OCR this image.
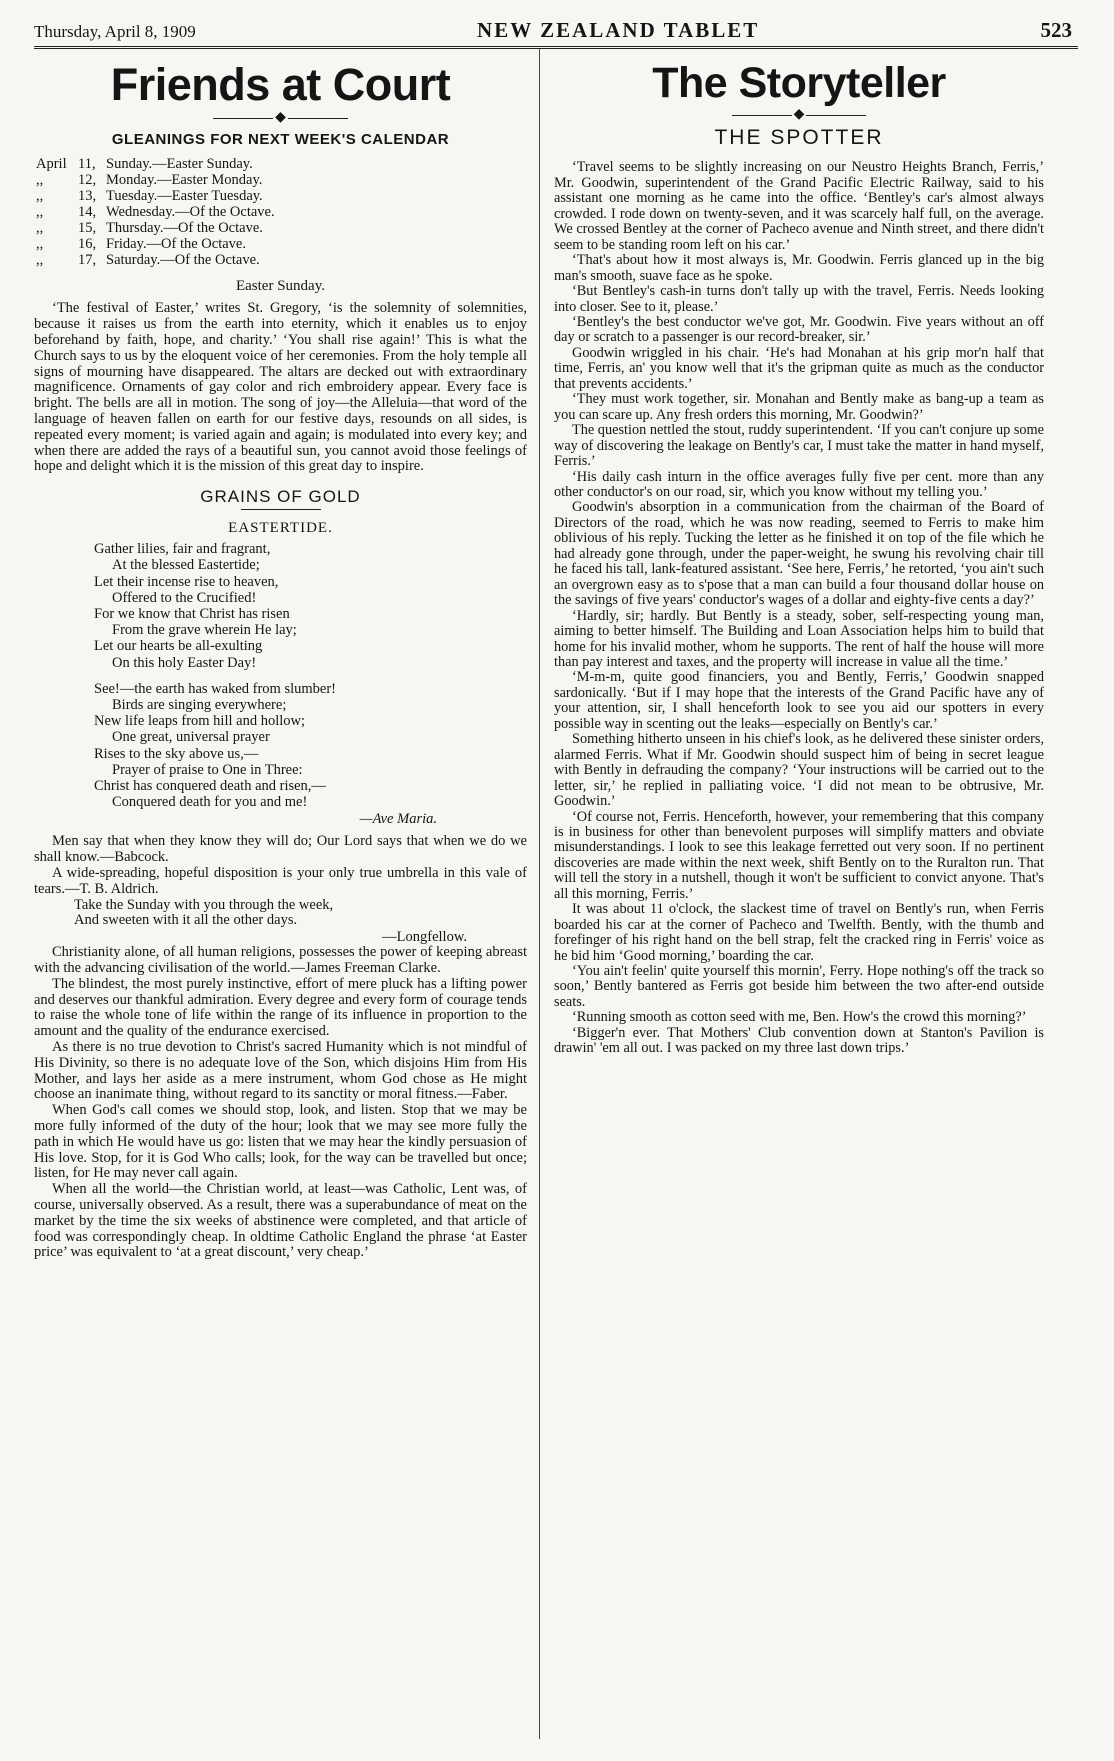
Thursday, April 8, 1909	NEW ZEALAND TABLET	523
Friends at Court
◆
GLEANINGS FOR NEXT WEEK'S CALENDAR
April 11, Sunday.—Easter Sunday.
,,	12, Monday.—Easter Monday.
,,	13, Tuesday.—Easter Tuesday.
,,	14, Wednesday.—Of the Octave.
,,	15, Thursday.—Of the Octave.
,,	16, Friday.—Of the Octave.
,,	17, Saturday.—Of the Octave.
Easter Sunday.

‘The festival of Easter,’ writes St. Gregory, ‘is the solemnity of solemnities, because it raises us from the earth into eternity, which it enables us to enjoy beforehand by faith, hope, and charity.’ ‘You shall rise again!’ This is what the Church says to us by the eloquent voice of her ceremonies. From the holy temple all signs of mourning have disappeared. The altars are decked out with extraordinary magnificence. Ornaments of gay color and rich embroidery appear. Every face is bright. The bells are all in motion. The song of joy—the Alleluia—that word of the language of heaven fallen on earth for our festive days, resounds on all sides, is repeated every moment; is varied again and again; is modulated into every key; and when there are added the rays of a beautiful sun, you cannot avoid those feelings of hope and delight which it is the mission of this great day to inspire.

GRAINS OF GOLD
EASTERTIDE.
Gather lilies, fair and fragrant,
At the blessed Eastertide;
Let their incense rise to heaven,
Offered to the Crucified!
For we know that Christ has risen
From the grave wherein He lay;
Let our hearts be all-exulting
On this holy Easter Day!
See!—the earth has waked from slumber!
Birds are singing everywhere;
New life leaps from hill and hollow;
One great, universal prayer
Rises to the sky above us,—
Prayer of praise to One in Three:
Christ has conquered death and risen,—
Conquered death for you and me!
—Ave Maria.

Men say that when they know they will do; Our Lord says that when we do we shall know.—Babcock.

A wide-spreading, hopeful disposition is your only true umbrella in this vale of tears.—T. B. Aldrich.

Take the Sunday with you through the week,
And sweeten with it all the other days.
—Longfellow.

Christianity alone, of all human religions, possesses the power of keeping abreast with the advancing civilisation of the world.—James Freeman Clarke.

The blindest, the most purely instinctive, effort of mere pluck has a lifting power and deserves our thankful admiration. Every degree and every form of courage tends to raise the whole tone of life within the range of its influence in proportion to the amount and the quality of the endurance exercised.

As there is no true devotion to Christ's sacred Humanity which is not mindful of His Divinity, so there is no adequate love of the Son, which disjoins Him from His Mother, and lays her aside as a mere instrument, whom God chose as He might choose an inanimate thing, without regard to its sanctity or moral fitness.—Faber.

When God's call comes we should stop, look, and listen. Stop that we may be more fully informed of the duty of the hour; look that we may see more fully the path in which He would have us go: listen that we may hear the kindly persuasion of His love. Stop, for it is God Who calls; look, for the way can be travelled but once; listen, for He may never call again.

When all the world—the Christian world, at least—was Catholic, Lent was, of course, universally observed. As a result, there was a superabundance of meat on the market by the time the six weeks of abstinence were completed, and that article of food was correspondingly cheap. In oldtime Catholic England the phrase ‘at Easter price’ was equivalent to ‘at a great discount,’ very cheap.’

The Storyteller
◆
THE SPOTTER

‘Travel seems to be slightly increasing on our Neustro Heights Branch, Ferris,’ Mr. Goodwin, superintendent of the Grand Pacific Electric Railway, said to his assistant one morning as he came into the office. ‘Bentley's car's almost always crowded. I rode down on twenty-seven, and it was scarcely half full, on the average. We crossed Bentley at the corner of Pacheco avenue and Ninth street, and there didn't seem to be standing room left on his car.’

‘That's about how it most always is, Mr. Goodwin. Ferris glanced up in the big man's smooth, suave face as he spoke.

‘But Bentley's cash-in turns don't tally up with the travel, Ferris. Needs looking into closer. See to it, please.’

‘Bentley's the best conductor we've got, Mr. Goodwin. Five years without an off day or scratch to a passenger is our record-breaker, sir.’

Goodwin wriggled in his chair. ‘He's had Monahan at his grip mor'n half that time, Ferris, an' you know well that it's the gripman quite as much as the conductor that prevents accidents.’

‘They must work together, sir. Monahan and Bently make as bang-up a team as you can scare up. Any fresh orders this morning, Mr. Goodwin?’

The question nettled the stout, ruddy superintendent. ‘If you can't conjure up some way of discovering the leakage on Bently's car, I must take the matter in hand myself, Ferris.’

‘His daily cash inturn in the office averages fully five per cent. more than any other conductor's on our road, sir, which you know without my telling you.’

Goodwin's absorption in a communication from the chairman of the Board of Directors of the road, which he was now reading, seemed to Ferris to make him oblivious of his reply. Tucking the letter as he finished it on top of the file which he had already gone through, under the paper-weight, he swung his revolving chair till he faced his tall, lank-featured assistant. ‘See here, Ferris,’ he retorted, ‘you ain't such an overgrown easy as to s'pose that a man can build a four thousand dollar house on the savings of five years' conductor's wages of a dollar and eighty-five cents a day?’

‘Hardly, sir; hardly. But Bently is a steady, sober, self-respecting young man, aiming to better himself. The Building and Loan Association helps him to build that home for his invalid mother, whom he supports. The rent of half the house will more than pay interest and taxes, and the property will increase in value all the time.’

‘M-m-m, quite good financiers, you and Bently, Ferris,’ Goodwin snapped sardonically. ‘But if I may hope that the interests of the Grand Pacific have any of your attention, sir, I shall henceforth look to see you aid our spotters in every possible way in scenting out the leaks—especially on Bently's car.’

Something hitherto unseen in his chief's look, as he delivered these sinister orders, alarmed Ferris. What if Mr. Goodwin should suspect him of being in secret league with Bently in defrauding the company? ‘Your instructions will be carried out to the letter, sir,’ he replied in palliating voice. ‘I did not mean to be obtrusive, Mr. Goodwin.’

‘Of course not, Ferris. Henceforth, however, your remembering that this company is in business for other than benevolent purposes will simplify matters and obviate misunderstandings. I look to see this leakage ferretted out very soon. If no pertinent discoveries are made within the next week, shift Bently on to the Ruralton run. That will tell the story in a nutshell, though it won't be sufficient to convict anyone. That's all this morning, Ferris.’

It was about 11 o'clock, the slackest time of travel on Bently's run, when Ferris boarded his car at the corner of Pacheco and Twelfth. Bently, with the thumb and forefinger of his right hand on the bell strap, felt the cracked ring in Ferris' voice as he bid him ‘Good morning,’ boarding the car.

‘You ain't feelin' quite yourself this mornin', Ferry. Hope nothing's off the track so soon,’ Bently bantered as Ferris got beside him between the two after-end outside seats.

‘Running smooth as cotton seed with me, Ben. How's the crowd this morning?’

‘Bigger'n ever. That Mothers' Club convention down at Stanton's Pavilion is drawin' 'em all out. I was packed on my three last down trips.’
